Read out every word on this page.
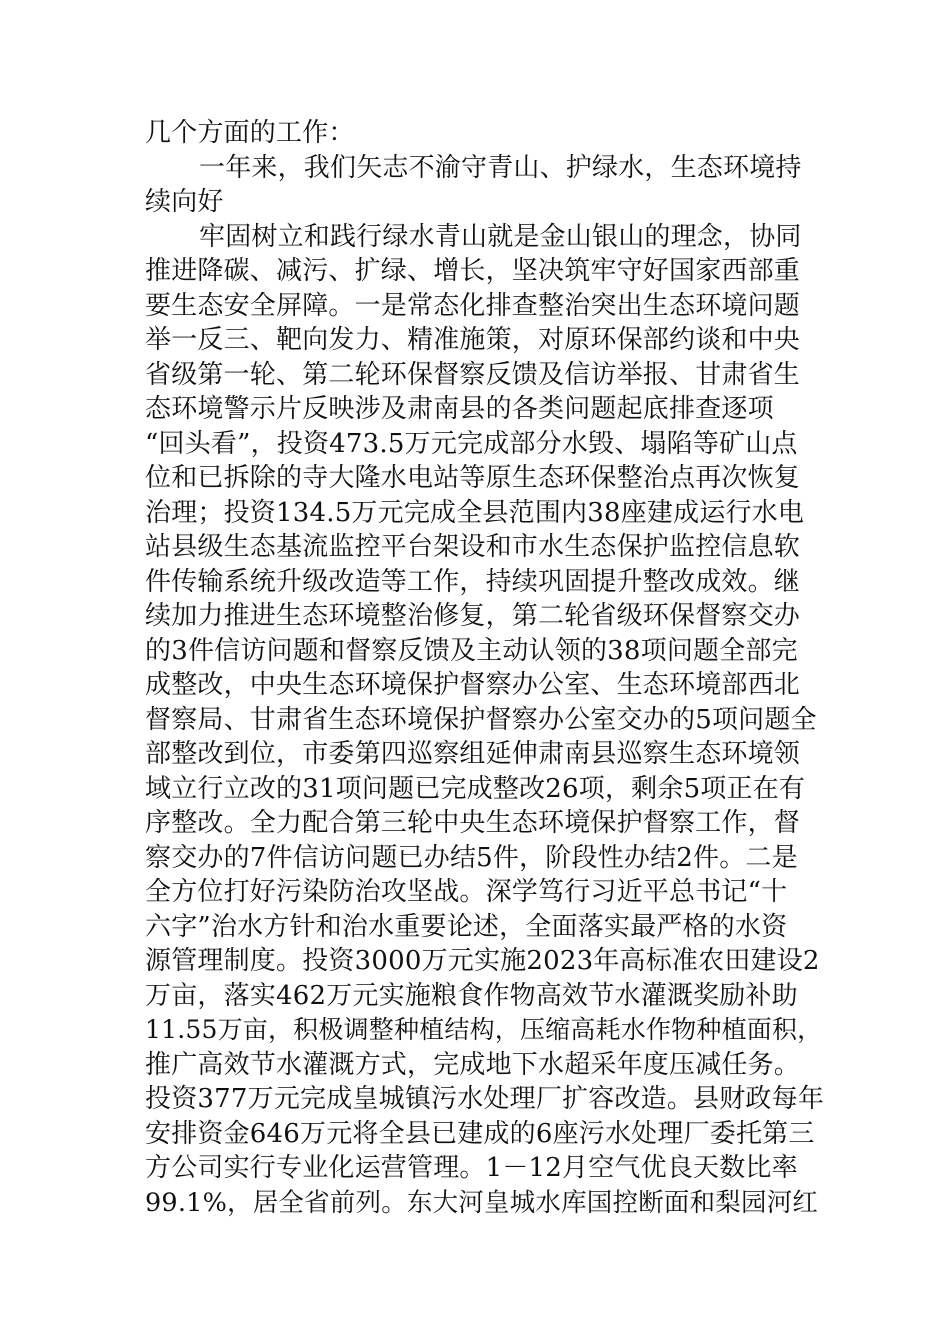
几个方面的工作：
一年来，我们矢志不渝守青山、护绿水，生态环境持
续向好
牢固树立和践行绿水青山就是金山银山的理念，协同
推进降碳、减污、扩绿、增长，坚决筑牢守好国家西部重
要生态安全屏障。一是常态化排查整治突出生态环境问题
举一反三、靶向发力、精准施策，对原环保部约谈和中央
省级第一轮、第二轮环保督察反馈及信访举报、甘肃省生
态环境警示片反映涉及肃南县的各类问题起底排查逐项
“回头看”，投资473.5万元完成部分水毁、塌陷等矿山点
位和已拆除的寺大隆水电站等原生态环保整治点再次恢复
治理；投资134.5万元完成全县范围内38座建成运行水电
站县级生态基流监控平台架设和市水生态保护监控信息软
件传输系统升级改造等工作，持续巩固提升整改成效。继
续加力推进生态环境整治修复，第二轮省级环保督察交办
的3件信访问题和督察反馈及主动认领的38项问题全部完
成整改，中央生态环境保护督察办公室、生态环境部西北
督察局、甘肃省生态环境保护督察办公室交办的5项问题全
部整改到位，市委第四巡察组延伸肃南县巡察生态环境领
域立行立改的31项问题已完成整改26项，剩余5项正在有
序整改。全力配合第三轮中央生态环境保护督察工作，督
察交办的7件信访问题已办结5件，阶段性办结2件。二是
全方位打好污染防治攻坚战。深学笃行习近平总书记“十
六字”治水方针和治水重要论述，全面落实最严格的水资
源管理制度。投资3000万元实施2023年高标准农田建设2
万亩，落实462万元实施粮食作物高效节水灌溉奖励补助
11.55万亩，积极调整种植结构，压缩高耗水作物种植面积，
推广高效节水灌溉方式，完成地下水超采年度压减任务。
投资377万元完成皇城镇污水处理厂扩容改造。县财政每年
安排资金646万元将全县已建成的6座污水处理厂委托第三
方公司实行专业化运营管理。1－12月空气优良天数比率
99.1%，居全省前列。东大河皇城水库国控断面和梨园河红
